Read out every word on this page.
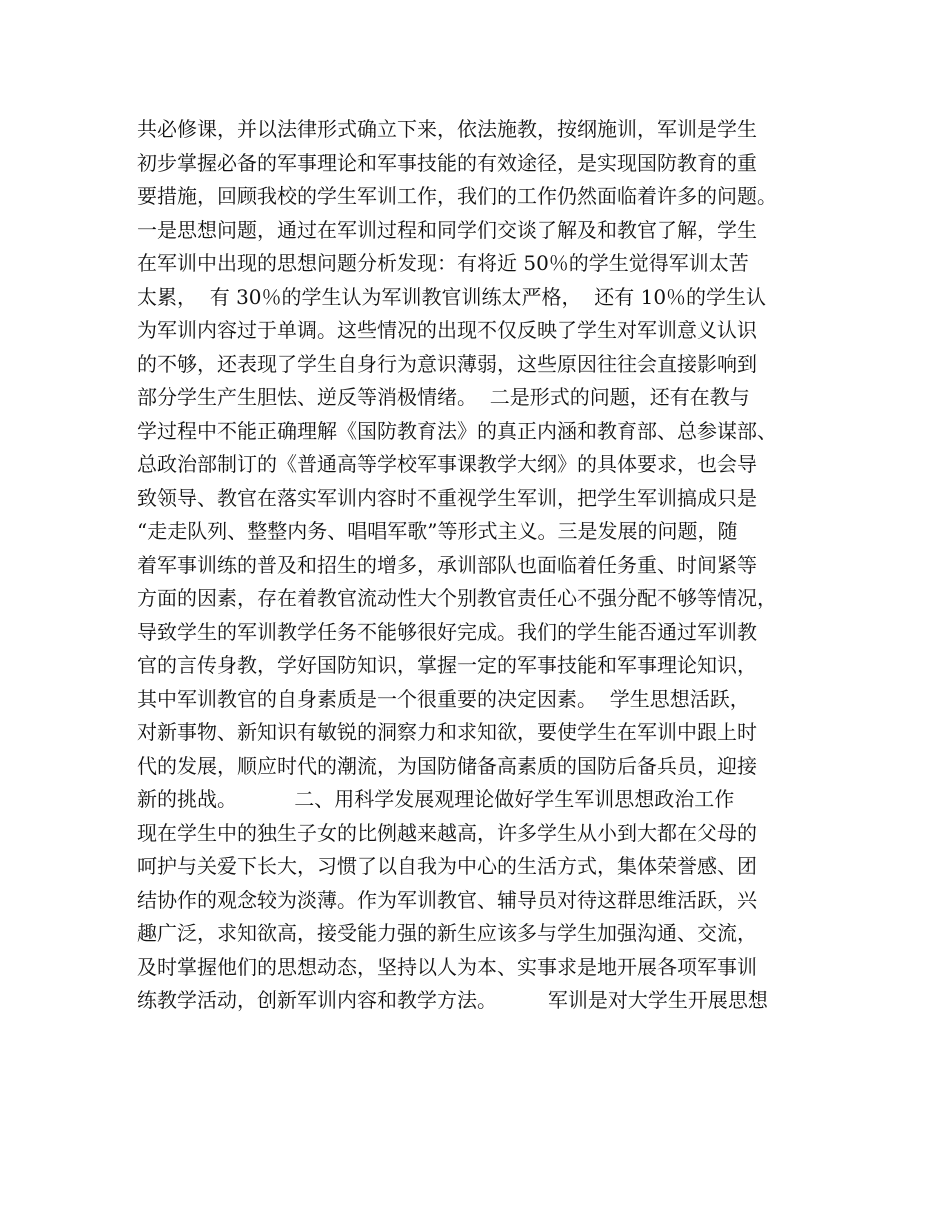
共必修课，并以法律形式确立下来，依法施教，按纲施训，军训是学生
初步掌握必备的军事理论和军事技能的有效途径，是实现国防教育的重
要措施，回顾我校的学生军训工作，我们的工作仍然面临着许多的问题。
一是思想问题，通过在军训过程和同学们交谈了解及和教官了解，学生
在军训中出现的思想问题分析发现：有将近 50％的学生觉得军训太苦
太累，  有 30％的学生认为军训教官训练太严格，  还有 10％的学生认
为军训内容过于单调。这些情况的出现不仅反映了学生对军训意义认识
的不够，还表现了学生自身行为意识薄弱，这些原因往往会直接影响到
部分学生产生胆怯、逆反等消极情绪。  二是形式的问题，还有在教与
学过程中不能正确理解《国防教育法》的真正内涵和教育部、总参谋部、
总政治部制订的《普通高等学校军事课教学大纲》的具体要求，也会导
致领导、教官在落实军训内容时不重视学生军训，把学生军训搞成只是
“走走队列、整整内务、唱唱军歌”等形式主义。三是发展的问题，随
着军事训练的普及和招生的增多，承训部队也面临着任务重、时间紧等
方面的因素，存在着教官流动性大个别教官责任心不强分配不够等情况，
导致学生的军训教学任务不能够很好完成。我们的学生能否通过军训教
官的言传身教，学好国防知识，掌握一定的军事技能和军事理论知识，
其中军训教官的自身素质是一个很重要的决定因素。  学生思想活跃，
对新事物、新知识有敏锐的洞察力和求知欲，要使学生在军训中跟上时
代的发展，顺应时代的潮流，为国防储备高素质的国防后备兵员，迎接
新的挑战。         二、用科学发展观理论做好学生军训思想政治工作
现在学生中的独生子女的比例越来越高，许多学生从小到大都在父母的
呵护与关爱下长大，习惯了以自我为中心的生活方式，集体荣誉感、团
结协作的观念较为淡薄。作为军训教官、辅导员对待这群思维活跃，兴
趣广泛，求知欲高，接受能力强的新生应该多与学生加强沟通、交流，
及时掌握他们的思想动态，坚持以人为本、实事求是地开展各项军事训
练教学活动，创新军训内容和教学方法。        军训是对大学生开展思想
